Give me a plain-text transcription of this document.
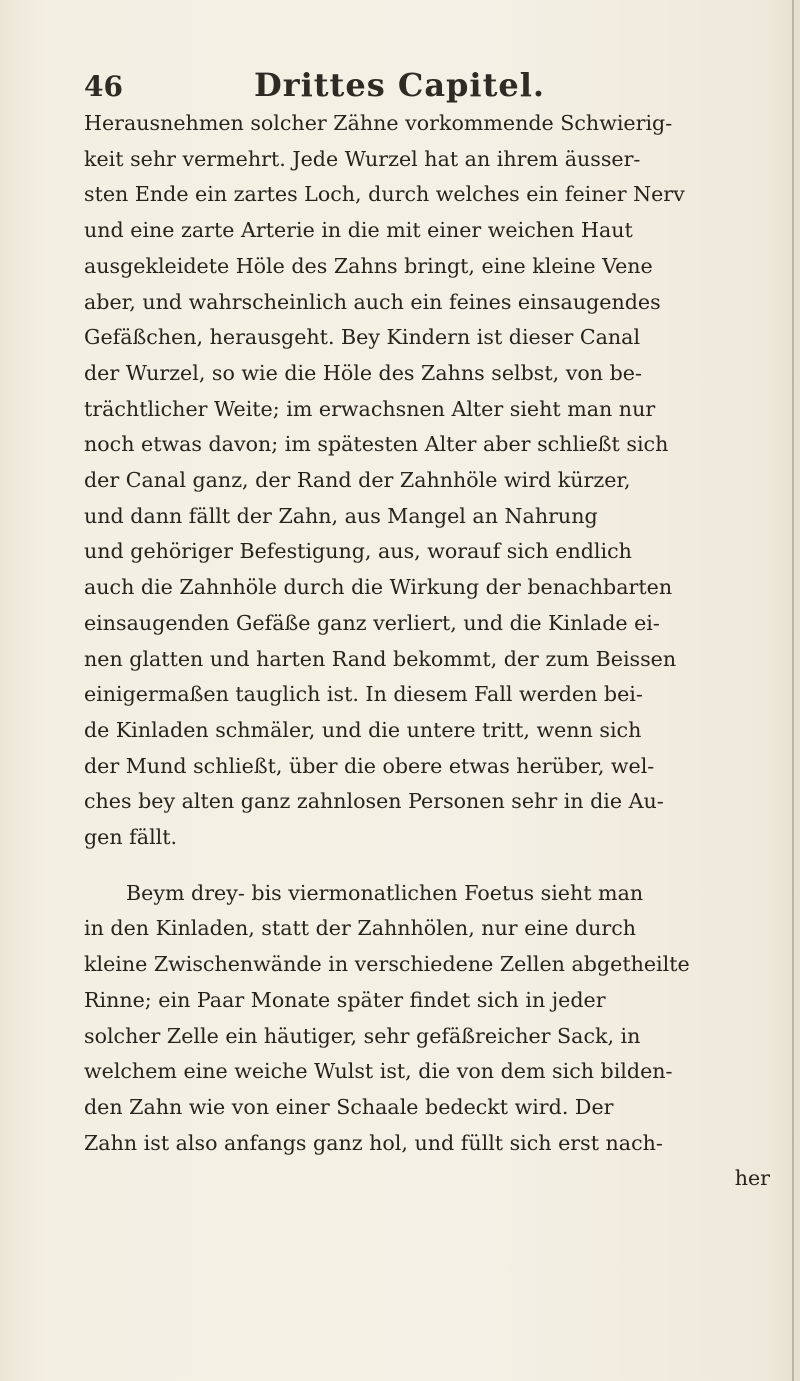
46	Drittes Capitel.
Herausnehmen solcher Zähne vorkommende Schwierig-
keit sehr vermehrt. Jede Wurzel hat an ihrem äusser-
sten Ende ein zartes Loch, durch welches ein feiner Nerv
und eine zarte Arterie in die mit einer weichen Haut
ausgekleidete Höle des Zahns bringt, eine kleine Vene
aber, und wahrscheinlich auch ein feines einsaugendes
Gefäßchen, herausgeht. Bey Kindern ist dieser Canal
der Wurzel, so wie die Höle des Zahns selbst, von be-
trächtlicher Weite; im erwachsnen Alter sieht man nur
noch etwas davon; im spätesten Alter aber schließt sich
der Canal ganz, der Rand der Zahnhöle wird kürzer,
und dann fällt der Zahn, aus Mangel an Nahrung
und gehöriger Befestigung, aus, worauf sich endlich
auch die Zahnhöle durch die Wirkung der benachbarten
einsaugenden Gefäße ganz verliert, und die Kinlade ei-
nen glatten und harten Rand bekommt, der zum Beissen
einigermaßen tauglich ist. In diesem Fall werden bei-
de Kinladen schmäler, und die untere tritt, wenn sich
der Mund schließt, über die obere etwas herüber, wel-
ches bey alten ganz zahnlosen Personen sehr in die Au-
gen fällt.
Beym drey- bis viermonatlichen Foetus sieht man
in den Kinladen, statt der Zahnhölen, nur eine durch
kleine Zwischenwände in verschiedene Zellen abgetheilte
Rinne; ein Paar Monate später findet sich in jeder
solcher Zelle ein häutiger, sehr gefäßreicher Sack, in
welchem eine weiche Wulst ist, die von dem sich bilden-
den Zahn wie von einer Schaale bedeckt wird. Der
Zahn ist also anfangs ganz hol, und füllt sich erst nach-
her
